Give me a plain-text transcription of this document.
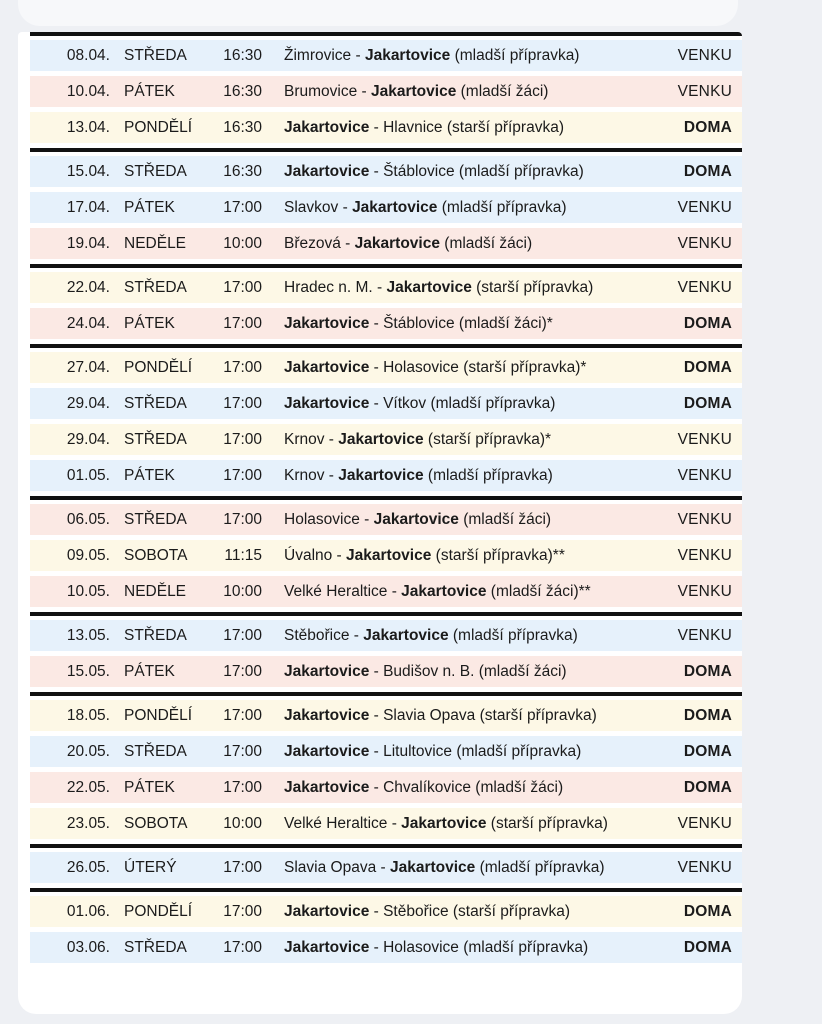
08.04. STŘEDA	16:30 Žimrovice - Jakartovice (mladší přípravka)	VENKU
10.04. PÁTEK	16:30 Brumovice - Jakartovice (mladší žáci)	VENKU
13.04. PONDĚLÍ	16:30 Jakartovice - Hlavnice (starší přípravka)	DOMA
15.04. STŘEDA	16:30 Jakartovice - Štáblovice (mladší přípravka)	DOMA
17.04. PÁTEK	17:00 Slavkov - Jakartovice (mladší přípravka)	VENKU
19.04. NEDĚLE	10:00 Březová - Jakartovice (mladší žáci)	VENKU
22.04. STŘEDA	17:00 Hradec n. M. - Jakartovice (starší přípravka)	VENKU
24.04. PÁTEK	17:00 Jakartovice - Štáblovice (mladší žáci)*	DOMA
27.04. PONDĚLÍ	17:00 Jakartovice - Holasovice (starší přípravka)*	DOMA
29.04. STŘEDA	17:00 Jakartovice - Vítkov (mladší přípravka)	DOMA
29.04. STŘEDA	17:00 Krnov - Jakartovice (starší přípravka)*	VENKU
01.05. PÁTEK	17:00 Krnov - Jakartovice (mladší přípravka)	VENKU
06.05. STŘEDA	17:00 Holasovice - Jakartovice (mladší žáci)	VENKU
09.05. SOBOTA	11:15 Úvalno - Jakartovice (starší přípravka)**	VENKU
10.05. NEDĚLE	10:00 Velké Heraltice - Jakartovice (mladší žáci)**	VENKU
13.05. STŘEDA	17:00 Stěbořice - Jakartovice (mladší přípravka)	VENKU
15.05. PÁTEK	17:00 Jakartovice - Budišov n. B. (mladší žáci)	DOMA
18.05. PONDĚLÍ	17:00 Jakartovice - Slavia Opava (starší přípravka)	DOMA
20.05. STŘEDA	17:00 Jakartovice - Litultovice (mladší přípravka)	DOMA
22.05. PÁTEK	17:00 Jakartovice - Chvalíkovice (mladší žáci)	DOMA
23.05. SOBOTA	10:00 Velké Heraltice - Jakartovice (starší přípravka)	VENKU
26.05. ÚTERÝ	17:00 Slavia Opava - Jakartovice (mladší přípravka)	VENKU
01.06. PONDĚLÍ	17:00 Jakartovice - Stěbořice (starší přípravka)	DOMA
03.06. STŘEDA	17:00 Jakartovice - Holasovice (mladší přípravka)	DOMA
